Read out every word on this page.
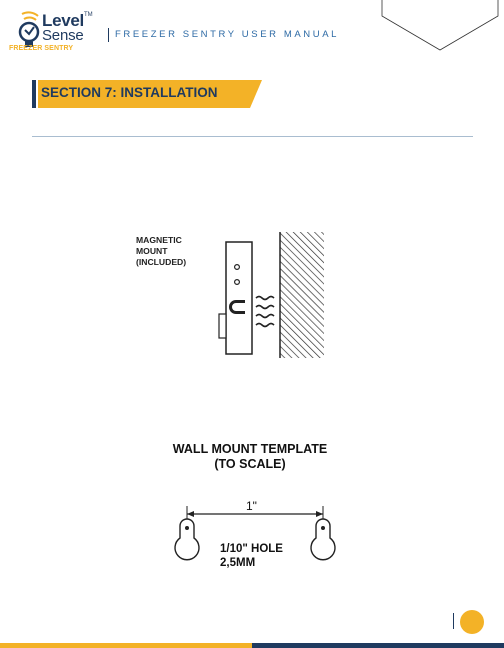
Level TM
Sense
FREEZER SENTRY
FREEZER SENTRY USER MANUAL
SECTION 7: INSTALLATION
MAGNETIC
MOUNT
(INCLUDED)
WALL MOUNT TEMPLATE
(TO SCALE)
1"
1/10" HOLE
2,5MM
